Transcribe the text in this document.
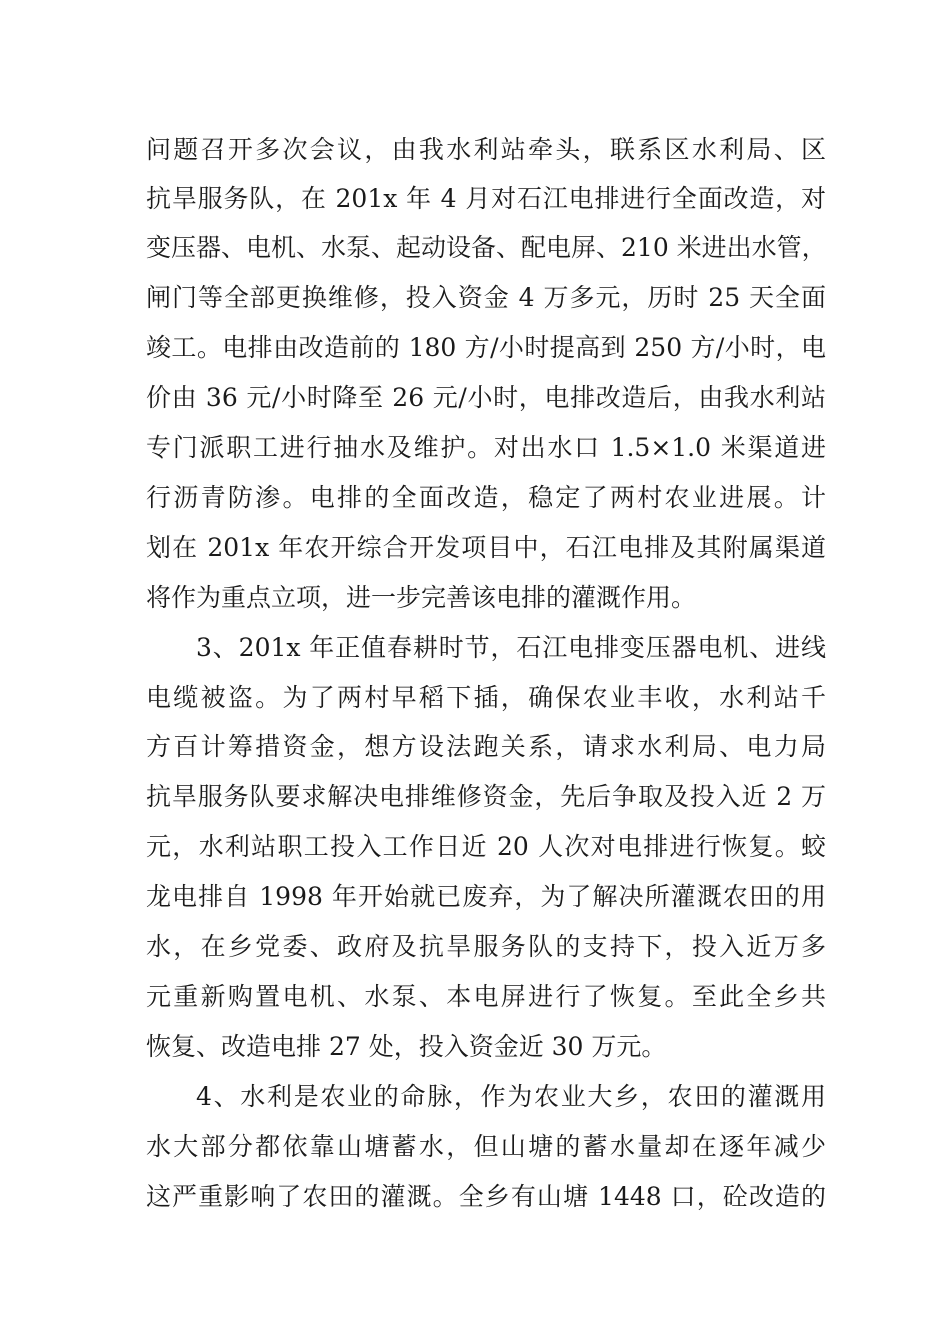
问题召开多次会议，由我水利站牵头，联系区水利局、区
抗旱服务队，在 201x 年 4 月对石江电排进行全面改造，对
变压器、电机、水泵、起动设备、配电屏、210 米进出水管，
闸门等全部更换维修，投入资金 4 万多元，历时 25 天全面
竣工。电排由改造前的 180 方/小时提高到 250 方/小时，电
价由 36 元/小时降至 26 元/小时，电排改造后，由我水利站
专门派职工进行抽水及维护。对出水口 1.5×1.0 米渠道进
行沥青防渗。电排的全面改造，稳定了两村农业进展。计
划在 201x 年农开综合开发项目中，石江电排及其附属渠道
将作为重点立项，进一步完善该电排的灌溉作用。
3、201x 年正值春耕时节，石江电排变压器电机、进线
电缆被盗。为了两村早稻下插，确保农业丰收，水利站千
方百计筹措资金，想方设法跑关系，请求水利局、电力局
抗旱服务队要求解决电排维修资金，先后争取及投入近 2 万
元，水利站职工投入工作日近 20 人次对电排进行恢复。蛟
龙电排自 1998 年开始就已废弃，为了解决所灌溉农田的用
水，在乡党委、政府及抗旱服务队的支持下，投入近万多
元重新购置电机、水泵、本电屏进行了恢复。至此全乡共
恢复、改造电排 27 处，投入资金近 30 万元。
4、水利是农业的命脉，作为农业大乡，农田的灌溉用
水大部分都依靠山塘蓄水，但山塘的蓄水量却在逐年减少
这严重影响了农田的灌溉。全乡有山塘 1448 口，砼改造的
